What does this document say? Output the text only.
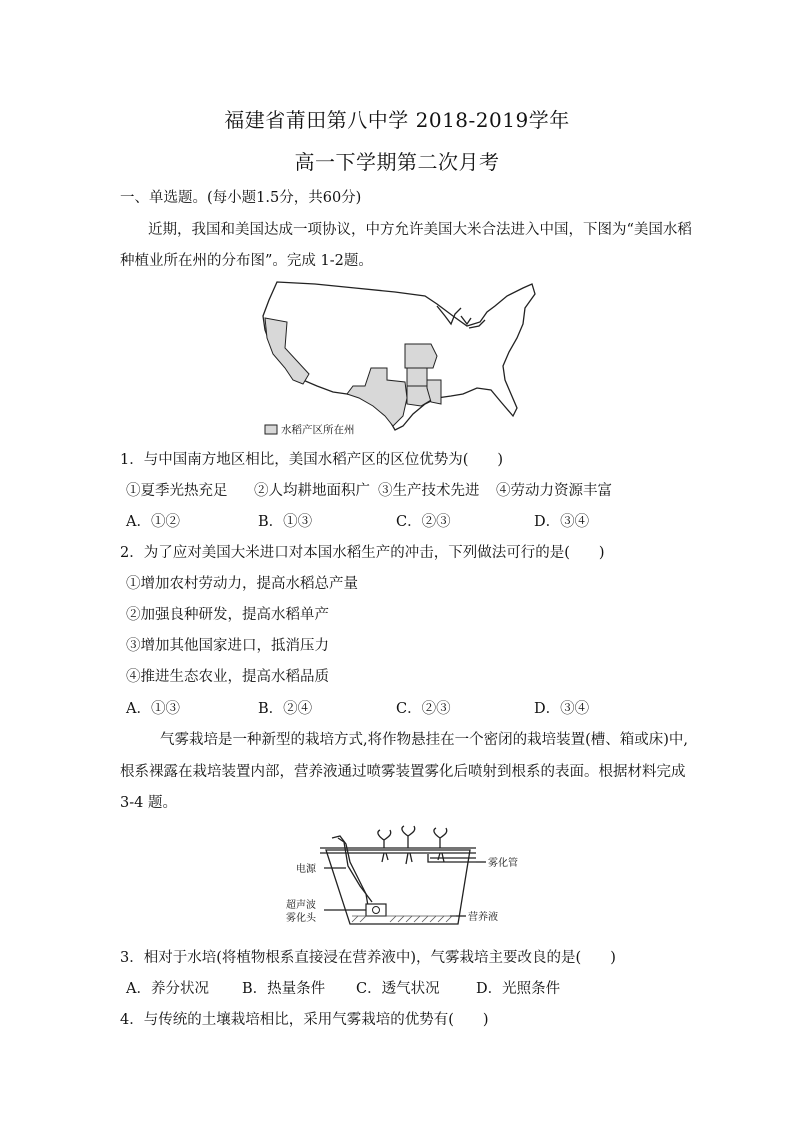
福建省莆田第八中学 2018-2019学年
高一下学期第二次月考
一、单选题。(每小题1.5分，共60分)
近期，我国和美国达成一项协议，中方允许美国大米合法进入中国，下图为“美国水稻
种植业所在州的分布图”。完成 1-2题。
水稻产区所在州
1．与中国南方地区相比，美国水稻产区的区位优势为(　　)
①夏季光热充足 ②人均耕地面积广 ③生产技术先进 ④劳动力资源丰富
A．①②	B．①③	C．②③	D．③④
2．为了应对美国大米进口对本国水稻生产的冲击，下列做法可行的是(　　)
①增加农村劳动力，提高水稻总产量
②加强良种研发，提高水稻单产
③增加其他国家进口，抵消压力
④推进生态农业，提高水稻品质
A．①③	B．②④	C．②③	D．③④
气雾栽培是一种新型的栽培方式,将作物悬挂在一个密闭的栽培装置(槽、箱或床)中,
根系裸露在栽培装置内部，营养液通过喷雾装置雾化后喷射到根系的表面。根据材料完成
3-4 题。
电源
雾化管
超声波
雾化头	营养液
3．相对于水培(将植物根系直接浸在营养液中)，气雾栽培主要改良的是(　　)
A．养分状况 B．热量条件 C．透气状况	D．光照条件
4．与传统的土壤栽培相比，采用气雾栽培的优势有(　　)
